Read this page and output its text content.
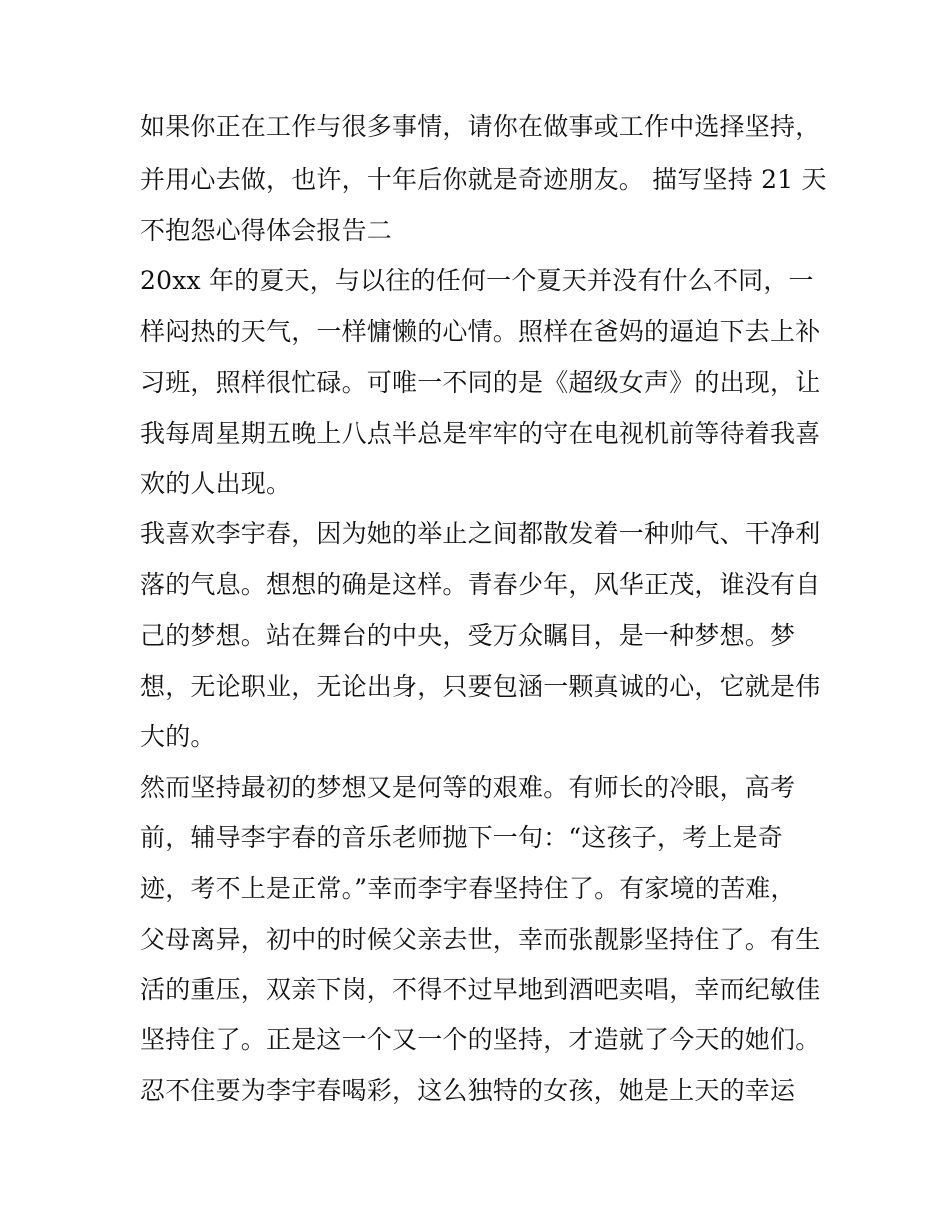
如果你正在工作与很多事情，请你在做事或工作中选择坚持，
并用心去做，也许，十年后你就是奇迹朋友。 描写坚持 21 天
不抱怨心得体会报告二
20xx 年的夏天，与以往的任何一个夏天并没有什么不同，一
样闷热的天气，一样慵懒的心情。照样在爸妈的逼迫下去上补
习班，照样很忙碌。可唯一不同的是《超级女声》的出现，让
我每周星期五晚上八点半总是牢牢的守在电视机前等待着我喜
欢的人出现。
我喜欢李宇春，因为她的举止之间都散发着一种帅气、干净利
落的气息。想想的确是这样。青春少年，风华正茂，谁没有自
己的梦想。站在舞台的中央，受万众瞩目，是一种梦想。梦
想，无论职业，无论出身，只要包涵一颗真诚的心，它就是伟
大的。
然而坚持最初的梦想又是何等的艰难。有师长的冷眼，高考
前，辅导李宇春的音乐老师抛下一句：“这孩子，考上是奇
迹，考不上是正常。”幸而李宇春坚持住了。有家境的苦难，
父母离异，初中的时候父亲去世，幸而张靓影坚持住了。有生
活的重压，双亲下岗，不得不过早地到酒吧卖唱，幸而纪敏佳
坚持住了。正是这一个又一个的坚持，才造就了今天的她们。
忍不住要为李宇春喝彩，这么独特的女孩，她是上天的幸运
